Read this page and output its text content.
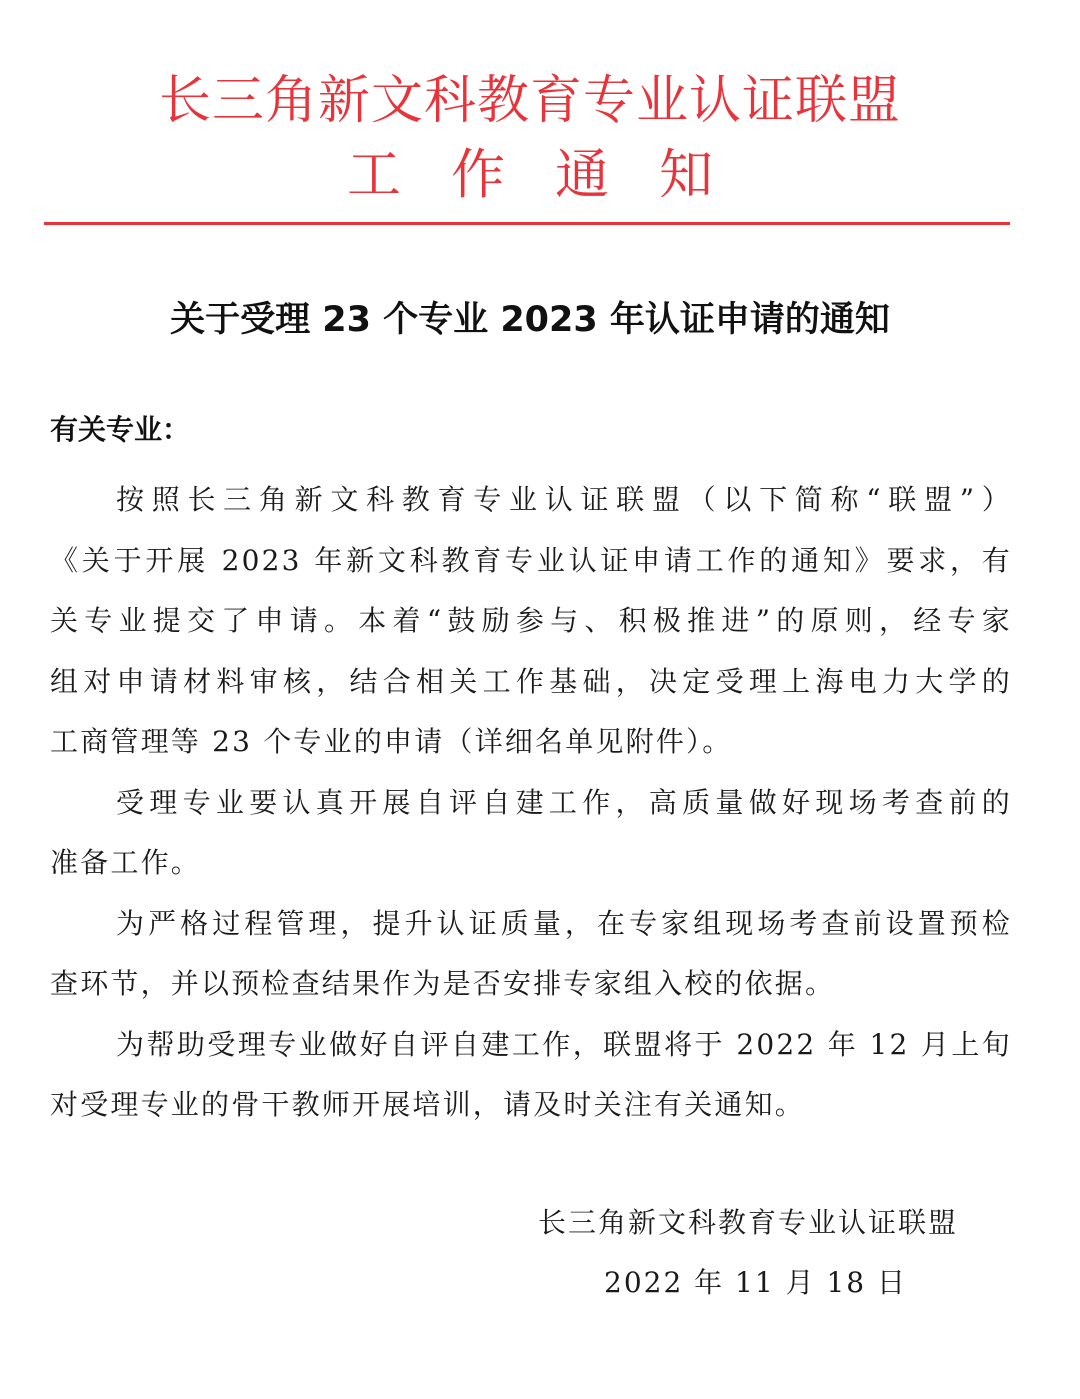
长三角新文科教育专业认证联盟
工作通知
关于受理 23 个专业 2023 年认证申请的通知
有关专业：
按照长三角新文科教育专业认证联盟（以下简称“联盟”）
《关于开展 2023 年新文科教育专业认证申请工作的通知》要求，有
关专业提交了申请。本着“鼓励参与、积极推进”的原则，经专家
组对申请材料审核，结合相关工作基础，决定受理上海电力大学的
工商管理等 23 个专业的申请（详细名单见附件）。
受理专业要认真开展自评自建工作，高质量做好现场考查前的
准备工作。
为严格过程管理，提升认证质量，在专家组现场考查前设置预检
查环节，并以预检查结果作为是否安排专家组入校的依据。
为帮助受理专业做好自评自建工作，联盟将于 2022 年 12 月上旬
对受理专业的骨干教师开展培训，请及时关注有关通知。
长三角新文科教育专业认证联盟
2022 年 11 月 18 日
